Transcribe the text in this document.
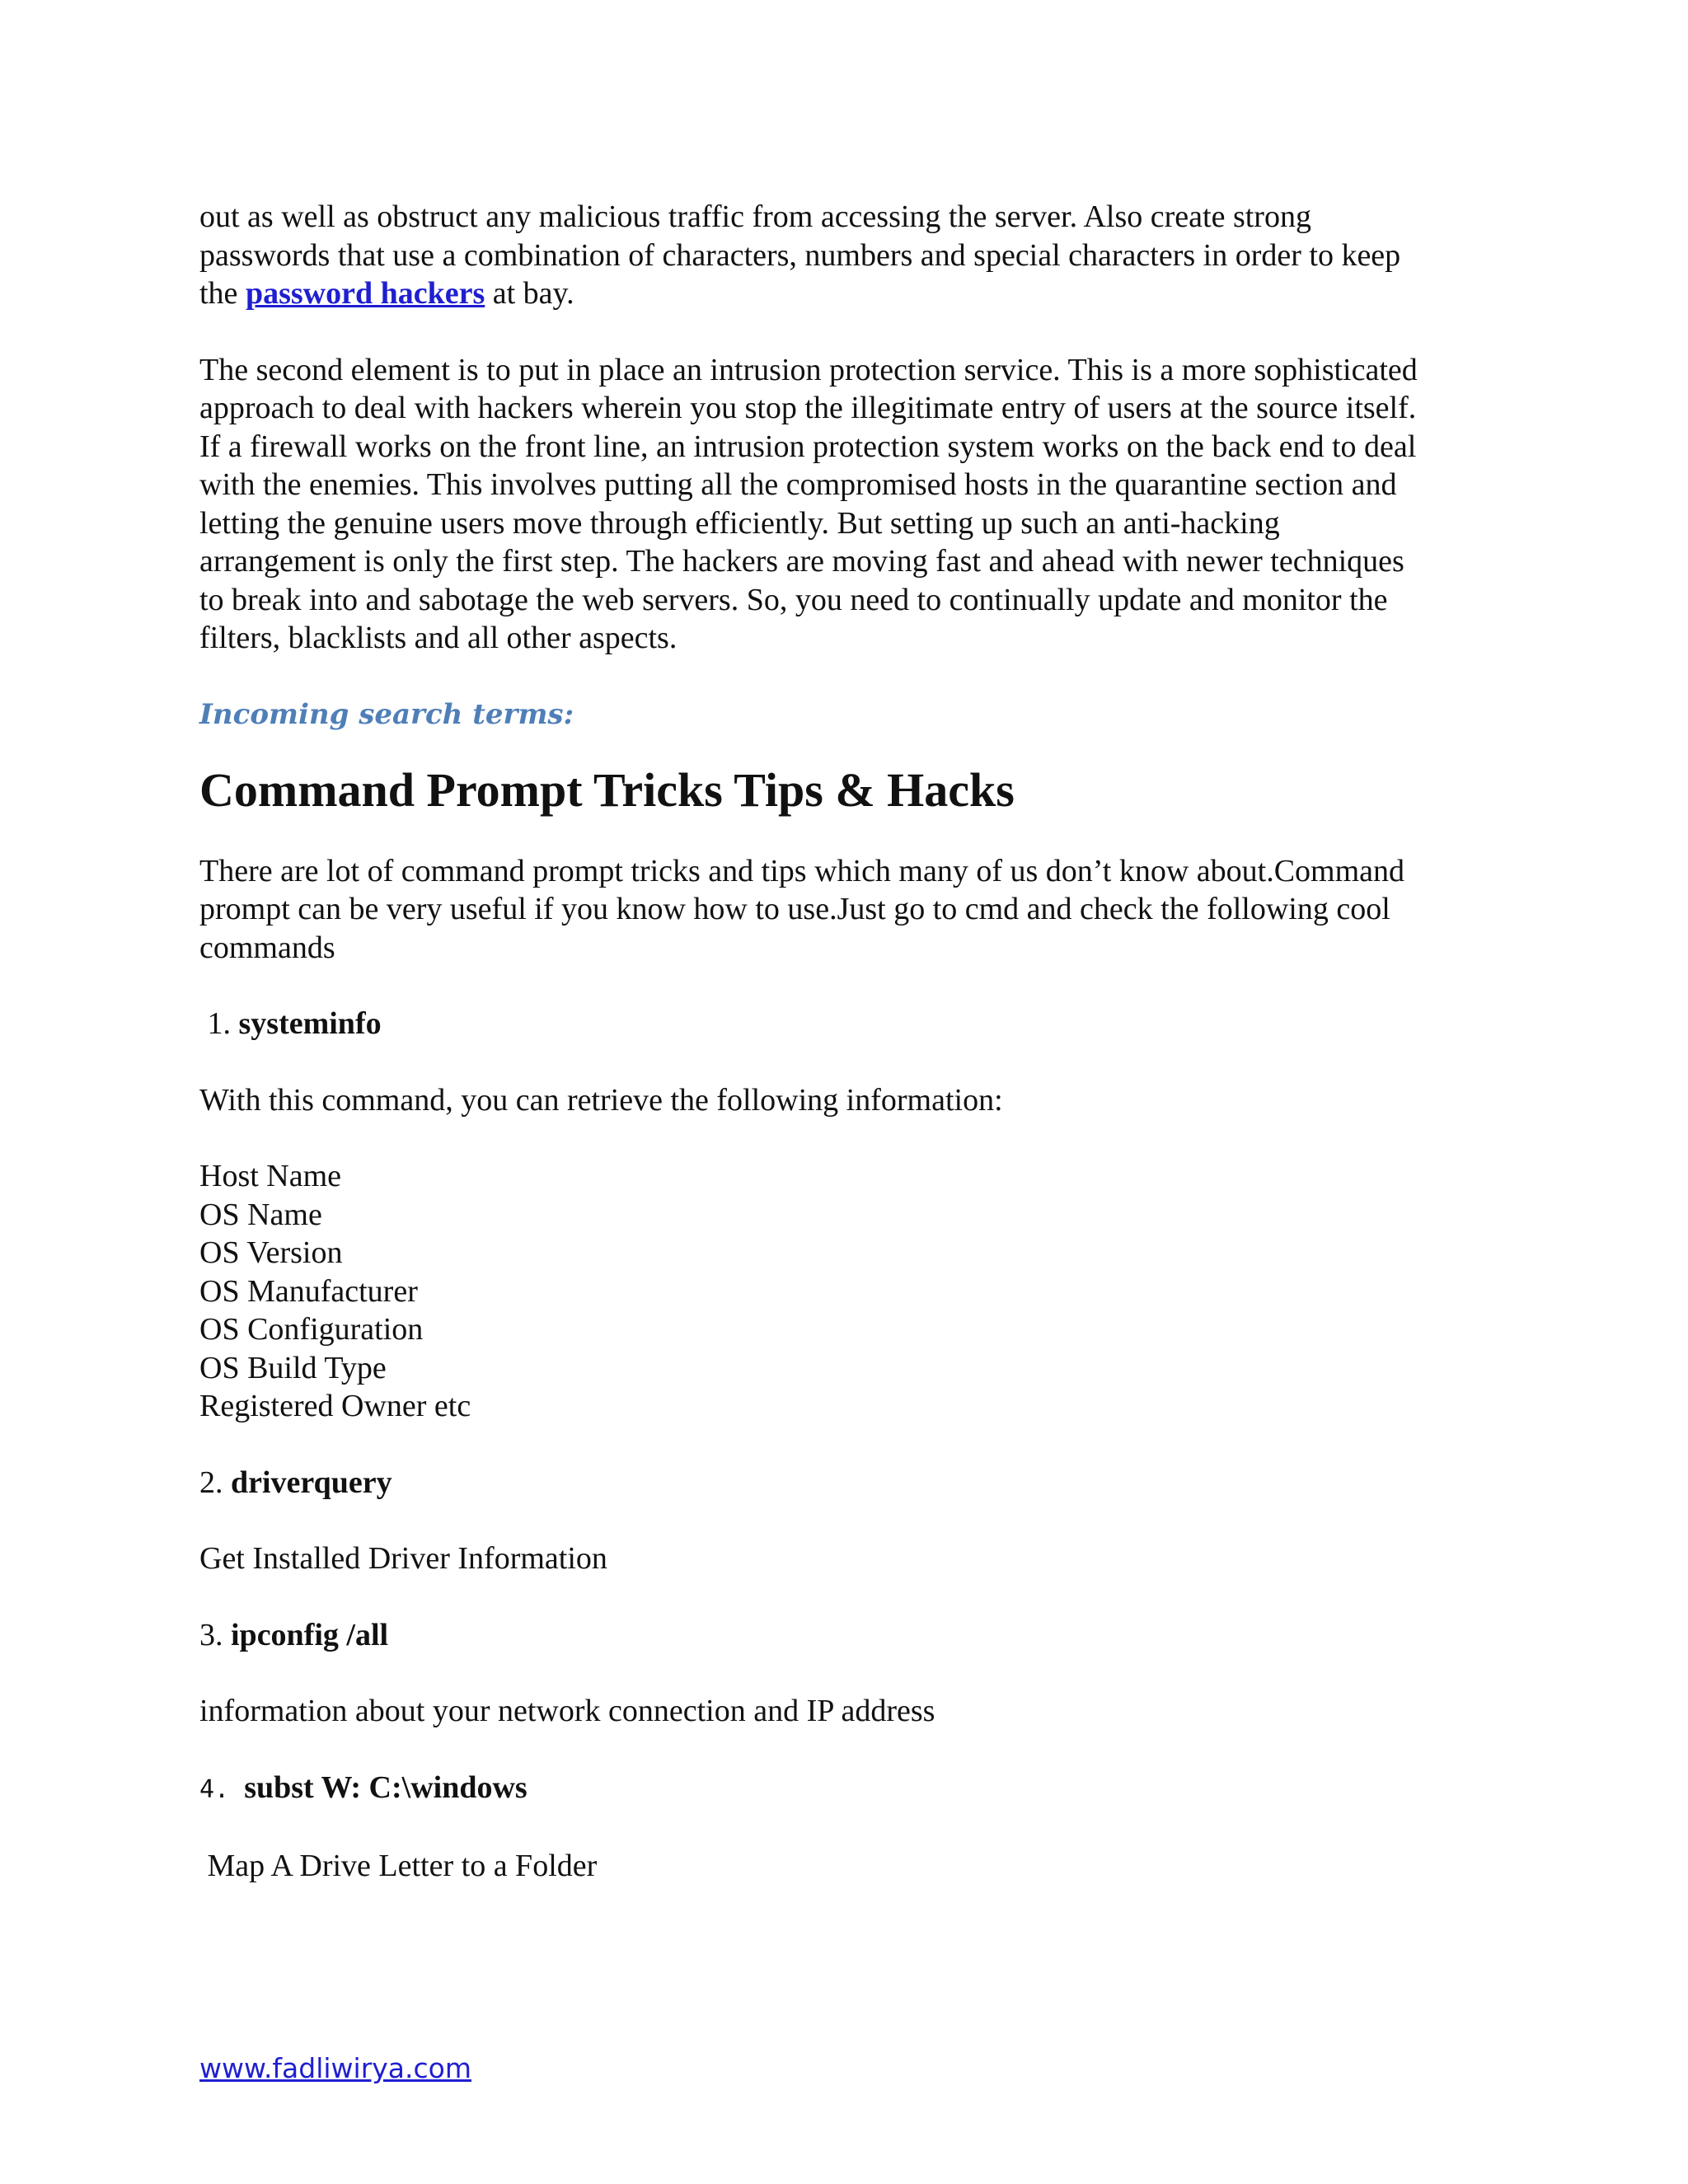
out as well as obstruct any malicious traffic from accessing the server. Also create strong
passwords that use a combination of characters, numbers and special characters in order to keep
the password hackers at bay.

The second element is to put in place an intrusion protection service. This is a more sophisticated
approach to deal with hackers wherein you stop the illegitimate entry of users at the source itself.
If a firewall works on the front line, an intrusion protection system works on the back end to deal
with the enemies. This involves putting all the compromised hosts in the quarantine section and
letting the genuine users move through efficiently. But setting up such an anti-hacking
arrangement is only the first step. The hackers are moving fast and ahead with newer techniques
to break into and sabotage the web servers. So, you need to continually update and monitor the
filters, blacklists and all other aspects.

Incoming search terms:

Command Prompt Tricks Tips & Hacks

There are lot of command prompt tricks and tips which many of us don’t know about.Command
prompt can be very useful if you know how to use.Just go to cmd and check the following cool
commands

1. systeminfo

With this command, you can retrieve the following information:

Host Name
OS Name
OS Version
OS Manufacturer
OS Configuration
OS Build Type
Registered Owner etc

2. driverquery

Get Installed Driver Information

3. ipconfig /all

information about your network connection and IP address

4. subst W: C:\windows

Map A Drive Letter to a Folder

www.fadliwirya.com
